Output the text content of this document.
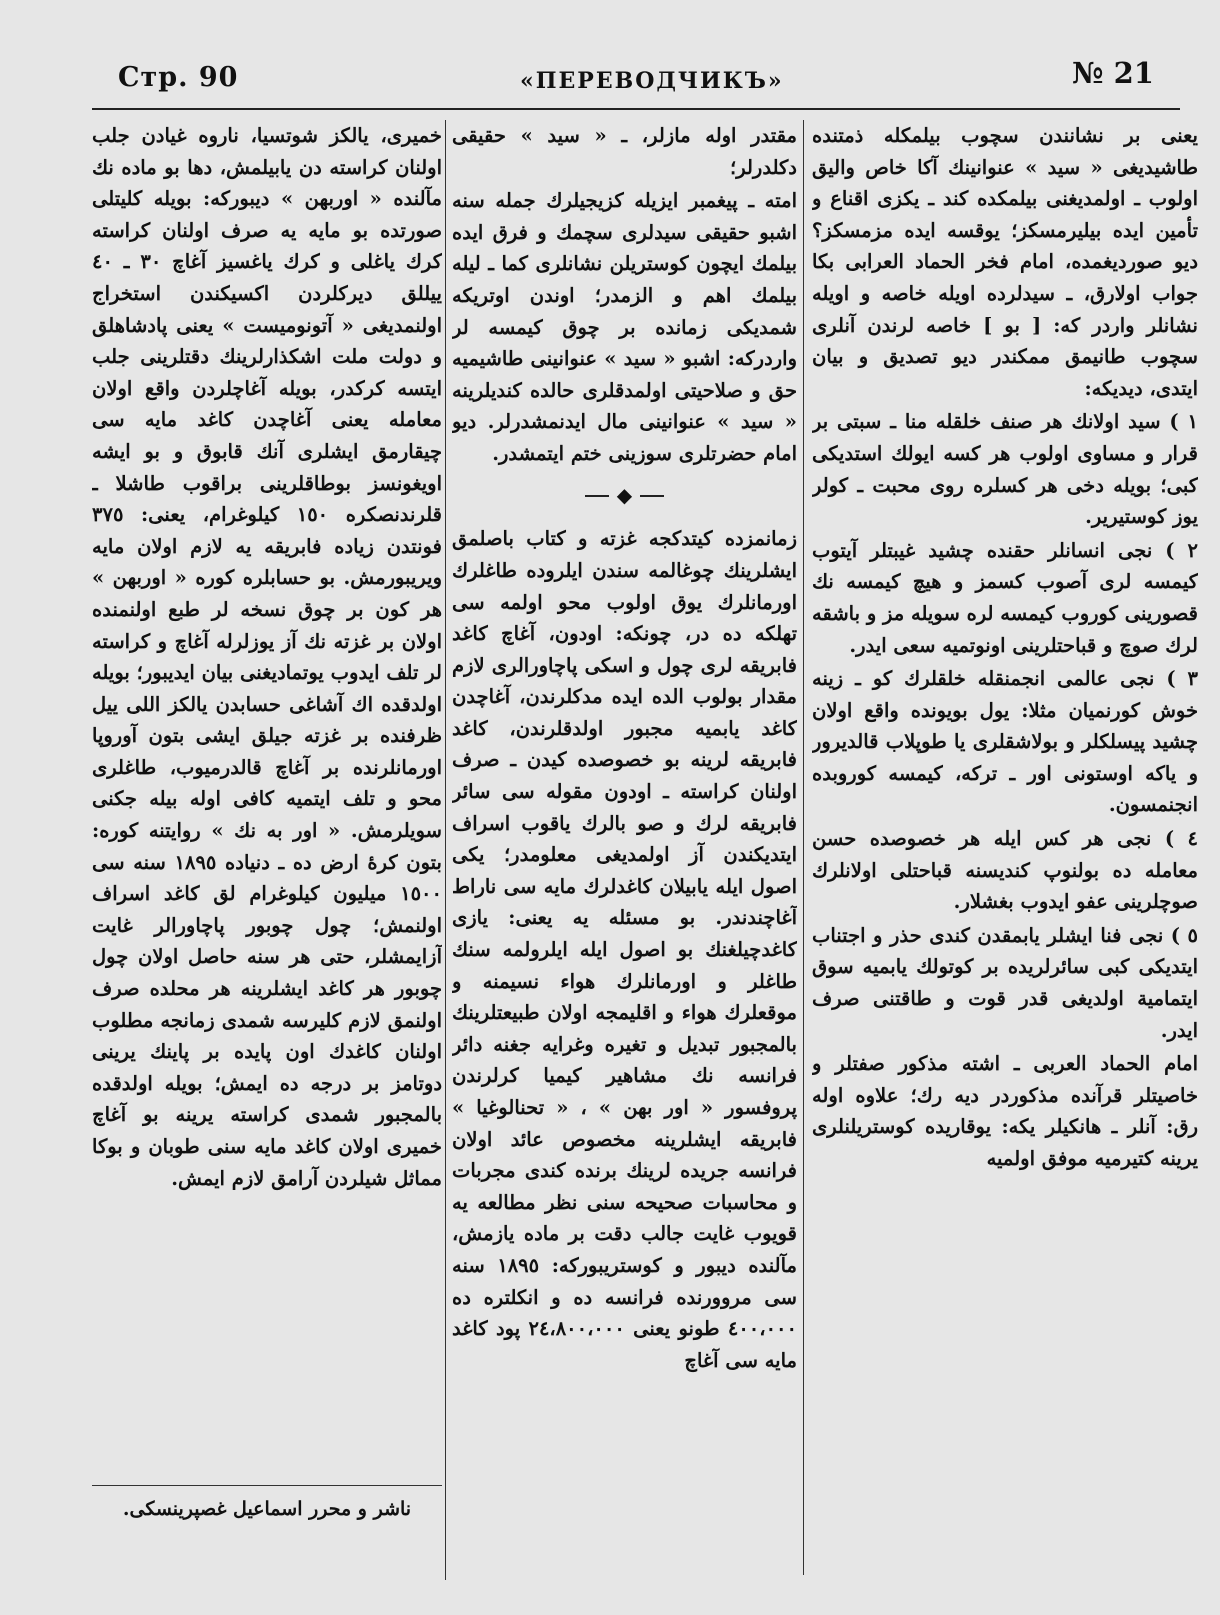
Стр. 90	«ПЕРЕВОДЧИКЪ»	№ 21

يعنى بر نشانندن سچوب بيلمكله ذمتنده طاشيديغى « سيد » عنوانينك آكا خاص واليق اولوب ـ اولمديغنى بيلمكده كند ـ يكزى اقناع و تأمين ايده بيليرمسكز؛ يوقسه ايده مزمسكز؟ ديو صورديغمده، امام فخر الحماد العرابى بكا جواب اولارق، ـ سيدلرده اويله خاصه و اويله نشانلر واردر كه: [ بو ] خاصه لرندن آنلرى سچوب طانيمق ممكندر ديو تصديق و بيان ايتدى، ديديكه:

١ ) سيد اولانك هر صنف خلقله منا ـ سبتى بر قرار و مساوى اولوب هر كسه ايولك استديكى كبى؛ بويله دخى هر كسلره روى محبت ـ كولر يوز كوستيرير.

٢ ) نجى انسانلر حقنده چشيد غيبتلر آيتوب كيمسه لرى آصوب كسمز و هيچ كيمسه نك قصورينى كوروب كيمسه لره سويله مز و باشقه لرك صوچ و قباحتلرينى اونوتميه سعى ايدر.

٣ ) نجى عالمى انجمنقله خلقلرك كو ـ زينه خوش كورنميان مثلا: يول بويونده واقع اولان چشيد پيسلكلر و بولاشقلرى يا طوپلاب قالديرور و ياكه اوستونى اور ـ تركه، كيمسه كوروبده انجنمسون.

٤ ) نجى هر كس ايله هر خصوصده حسن معامله ده بولنوپ كنديسنه قباحتلى اولانلرك صوچلرينى عفو ايدوب بغشلار.

٥ ) نجى فنا ايشلر يابمقدن كندى حذر و اجتناب ايتديكى كبى سائرلريده بر كوتولك يابميه سوق ايتمامية اولديغى قدر قوت و طاقتنى صرف ايدر.

امام الحماد العربى ـ اشته مذكور صفتلر و خاصيتلر قرآنده مذكوردر ديه رك؛ علاوه اوله رق: آنلر ـ هانكيلر يكه: يوقاريده كوستريلنلرى يرينه كتيرميه موفق اولميه

مقتدر اوله مازلر، ـ « سيد » حقيقى دكلدرلر؛

امته ـ پيغمبر ايزيله كزيجيلرك جمله سنه اشبو حقيقى سيدلرى سچمك و فرق ايده بيلمك ايچون كوستريلن نشانلرى كما ـ ليله بيلمك اهم و الزمدر؛ اوندن اوتريكه شمديكى زمانده بر چوق كيمسه لر واردركه: اشبو « سيد » عنوانينى طاشيميه حق و صلاحيتى اولمدقلرى حالده كنديلرينه « سيد » عنوانينى مال ايدنمشدرلر. ديو امام حضرتلرى سوزينى ختم ايتمشدر.

◆

زمانمزده كيتدكجه غزته و كتاب باصلمق ايشلرينك چوغالمه سندن ايلروده طاغلرك اورمانلرك يوق اولوب محو اولمه سى تهلكه ده در، چونكه: اودون، آغاچ كاغد فابريقه لرى چول و اسكى پاچاورالرى لازم مقدار بولوب الده ايده مدكلرندن، آغاچدن كاغد يابميه مجبور اولدقلرندن، كاغد فابريقه لرينه بو خصوصده كيدن ـ صرف اولنان كراسته ـ اودون مقوله سى سائر فابريقه لرك و صو بالرك ياقوب اسراف ايتديكندن آز اولمديغى معلومدر؛ يكى اصول ايله يابيلان كاغدلرك مايه سى ناراط آغاچندندر. بو مسئله يه يعنى: يازى كاغدچيلغنك بو اصول ايله ايلرولمه سنك طاغلر و اورمانلرك هواء نسيمنه و موقعلرك هواء و اقليمجه اولان طبيعتلرينك بالمجبور تبديل و تغيره وغرايه جغنه دائر فرانسه نك مشاهير كيميا كرلرندن پروفسور « اور بهن » ، « تحنالوغيا » فابريقه ايشلرينه مخصوص عائد اولان فرانسه جريده لرينك برنده كندى مجربات و محاسبات صحيحه سنى نظر مطالعه يه قويوب غايت جالب دقت بر ماده يازمش، مآلنده ديبور و كوستريبوركه: ١٨٩٥ سنه سى مروورنده فرانسه ده و انكلتره ده ٤٠٠،٠٠٠ طونو يعنى ٢٤،٨٠٠،٠٠٠ پود كاغد مايه سى آغاچ

خميرى، يالكز شوتسيا، ناروه غيادن جلب اولنان كراسته دن يابيلمش، دها بو ماده نك مآلنده « اوربهن » ديبوركه: بويله كليتلى صورتده بو مايه يه صرف اولنان كراسته كرك ياغلى و كرك ياغسيز آغاچ ٣٠ ـ ٤٠ ييللق ديركلردن اكسيكندن استخراج اولنمديغى « آتونوميست » يعنى پادشاهلق و دولت ملت اشكذارلرينك دقتلرينى جلب ايتسه كركدر، بويله آغاچلردن واقع اولان معامله يعنى آغاچدن كاغد مايه سى چيقارمق ايشلرى آنك قابوق و بو ايشه اويغونسز بوطاقلرينى براقوب طاشلا ـ قلرندنصكره ١٥٠ كيلوغرام، يعنى: ٣٧٥ فونتدن زياده فابريقه يه لازم اولان مايه ويريبورمش. بو حسابلره كوره « اوربهن » هر كون بر چوق نسخه لر طبع اولنمنده اولان بر غزته نك آز يوزلرله آغاچ و كراسته لر تلف ايدوب يوتماديغنى بيان ايديبور؛ بويله اولدقده اك آشاغى حسابدن يالكز اللى ييل ظرفنده بر غزته جيلق ايشى بتون آوروپا اورمانلرنده بر آغاچ قالدرميوب، طاغلرى محو و تلف ايتميه كافى اوله بيله جكنى سويلرمش. « اور به نك » روايتنه كوره: بتون كرۀ ارض ده ـ دنياده ١٨٩٥ سنه سى ١٥٠٠ ميليون كيلوغرام لق كاغد اسراف اولنمش؛ چول چوبور پاچاورالر غايت آزايمشلر، حتى هر سنه حاصل اولان چول چوبور هر كاغد ايشلرينه هر محلده صرف اولنمق لازم كليرسه شمدى زمانجه مطلوب اولنان كاغدك اون پايده بر پاينك يرينى دوتامز بر درجه ده ايمش؛ بويله اولدقده بالمجبور شمدى كراسته يرينه بو آغاچ خميرى اولان كاغد مايه سنى طوبان و بوكا مماثل شيلردن آرامق لازم ايمش.

ناشر و محرر اسماعيل غصپرينسكى.
